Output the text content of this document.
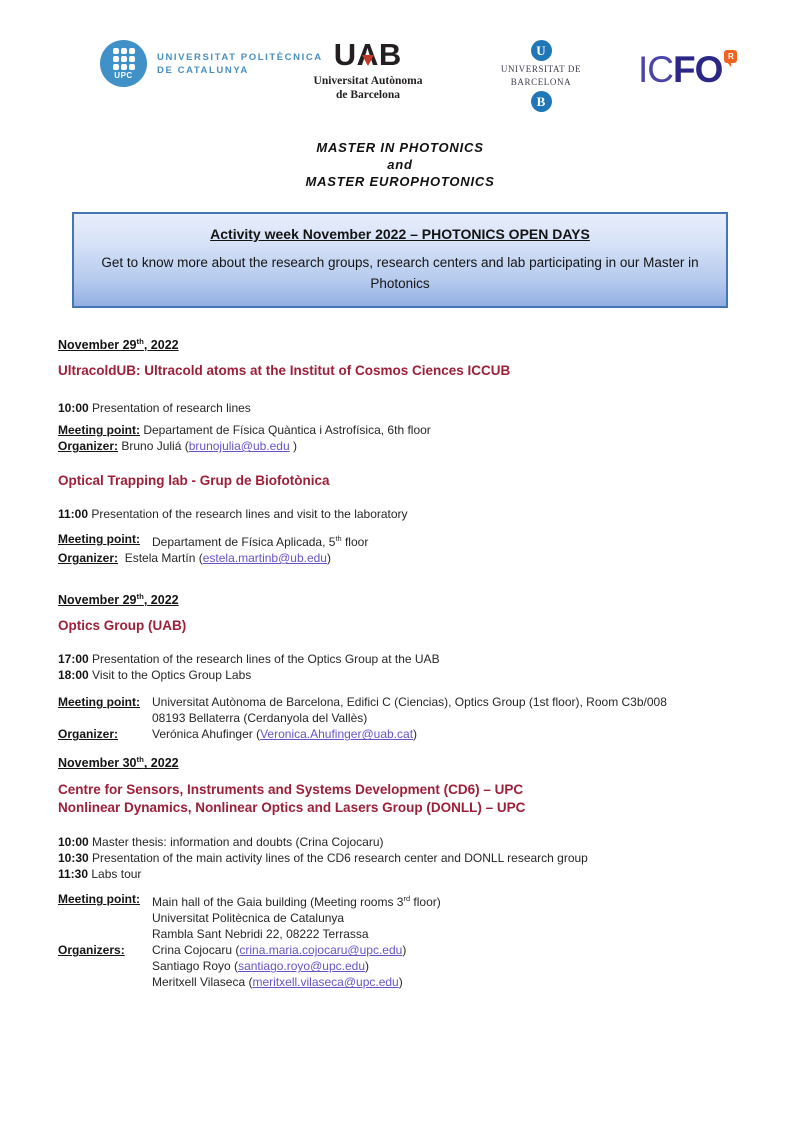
UPC
UNIVERSITAT POLITÈCNICA
DE CATALUNYA	UΛB
Universitat Autònoma
de Barcelona
U
UNIVERSITAT DE BARCELONA
B
ICFO R
MASTER IN PHOTONICS
and
MASTER EUROPHOTONICS
Activity week November 2022 – PHOTONICS OPEN DAYS
Get to know more about the research groups, research centers and lab participating in our Master in Photonics
November 29th, 2022
UltracoldUB: Ultracold atoms at the Institut of Cosmos Ciences ICCUB
10:00 Presentation of research lines
Meeting point: Departament de Física Quàntica i Astrofísica, 6th floor
Organizer: Bruno Juliá (brunojulia@ub.edu )
Optical Trapping lab - Grup de Biofotònica
11:00 Presentation of the research lines and visit to the laboratory
Meeting point:	Departament de Física Aplicada, 5th floor
Organizer: Estela Martín (estela.martinb@ub.edu)
November 29th, 2022
Optics Group (UAB)
17:00 Presentation of the research lines of the Optics Group at the UAB
18:00 Visit to the Optics Group Labs
Meeting point:	Universitat Autònoma de Barcelona, Edifici C (Ciencias), Optics Group (1st floor), Room C3b/008
08193 Bellaterra (Cerdanyola del Vallès)
Organizer:	Verónica Ahufinger (Veronica.Ahufinger@uab.cat)
November 30th, 2022
Centre for Sensors, Instruments and Systems Development (CD6) – UPC
Nonlinear Dynamics, Nonlinear Optics and Lasers Group (DONLL) – UPC
10:00 Master thesis: information and doubts (Crina Cojocaru)
10:30 Presentation of the main activity lines of the CD6 research center and DONLL research group
11:30 Labs tour
Meeting point:	Main hall of the Gaia building (Meeting rooms 3rd floor)
Universitat Politècnica de Catalunya
Rambla Sant Nebridi 22, 08222 Terrassa
Organizers:	Crina Cojocaru (crina.maria.cojocaru@upc.edu)
Santiago Royo (santiago.royo@upc.edu)
Meritxell Vilaseca (meritxell.vilaseca@upc.edu)
